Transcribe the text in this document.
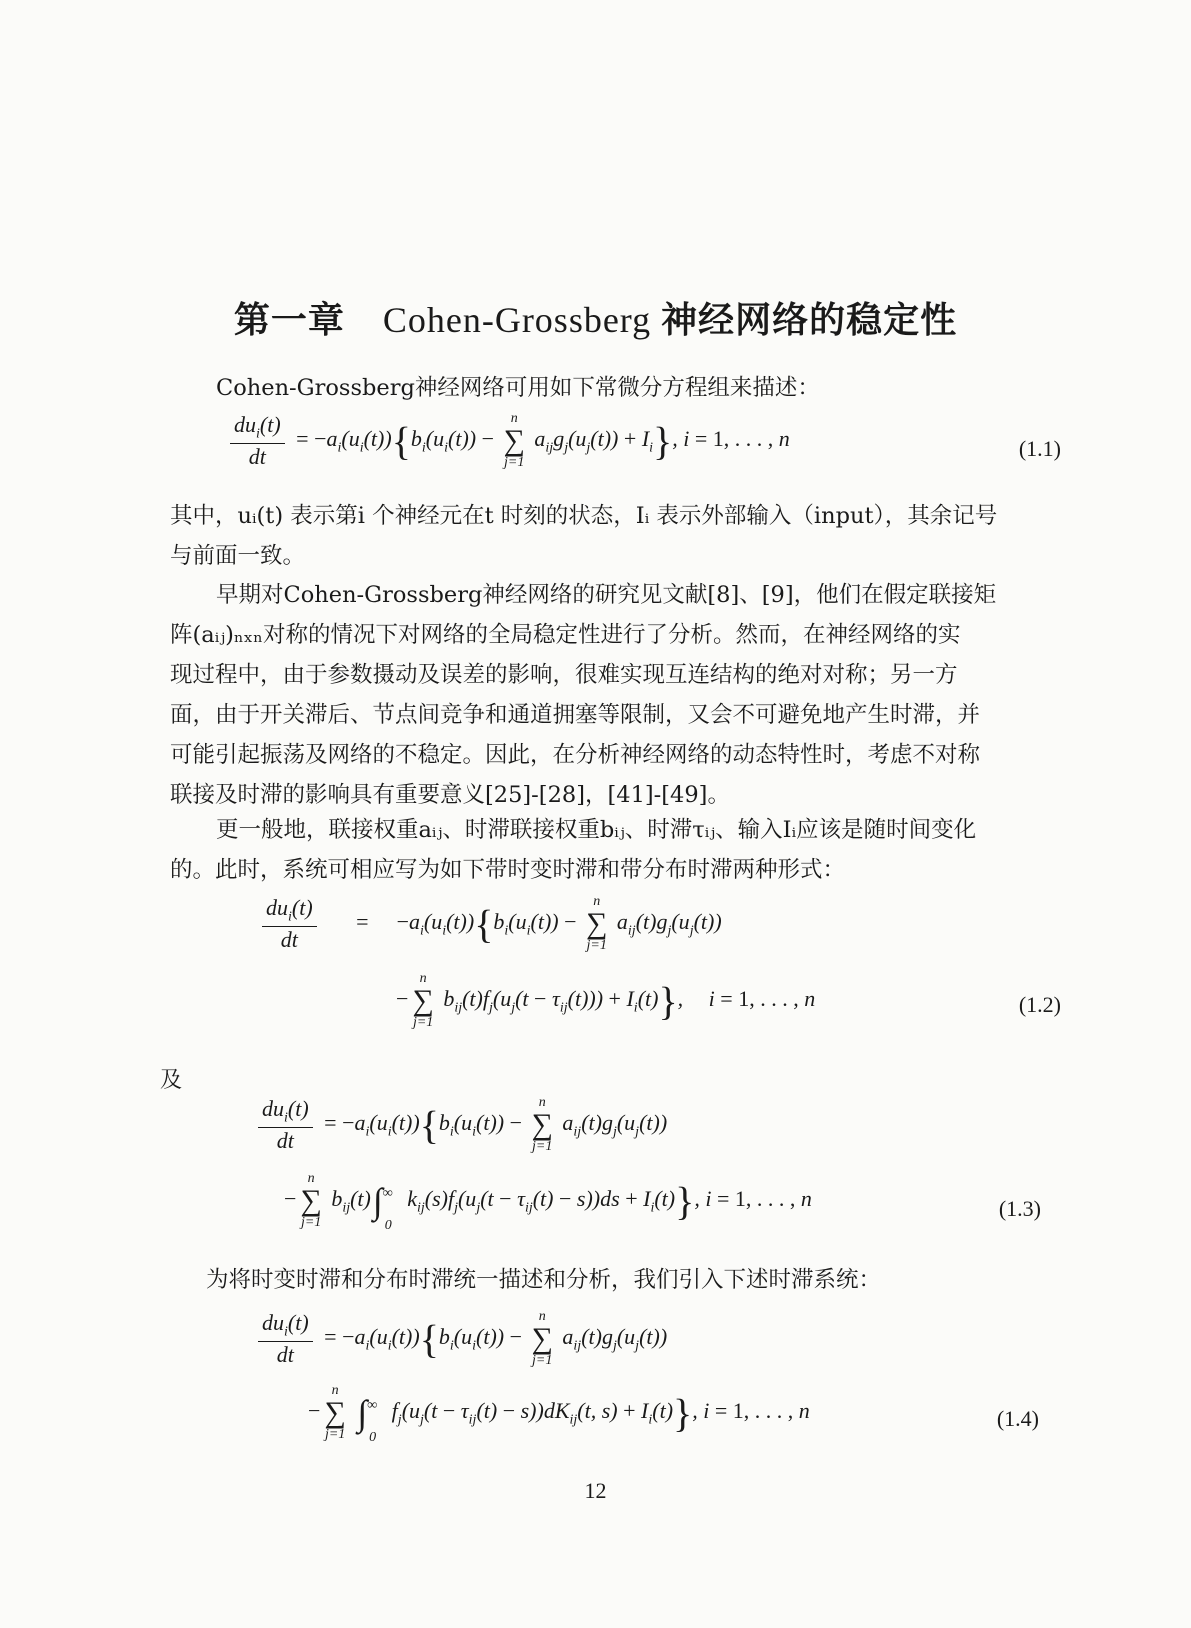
第一章 Cohen-Grossberg 神经网络的稳定性
Cohen-Grossberg神经网络可用如下常微分方程组来描述：
$\frac{du_i(t)}{dt} = -a_i(u_i(t))\{b_i(u_i(t))$ −
n
∑
j=1
$a_{ij}g_j(u_j(t)) + I_i$}, i = 1, . . . , n	(1.1)
其中，uᵢ(t) 表示第i 个神经元在t 时刻的状态，Iᵢ 表示外部输入（input），其余记号
与前面一致。
早期对Cohen-Grossberg神经网络的研究见文献[8]、[9]，他们在假定联接矩
阵(aᵢⱼ)ₙₓₙ对称的情况下对网络的全局稳定性进行了分析。然而，在神经网络的实
现过程中，由于参数摄动及误差的影响，很难实现互连结构的绝对对称；另一方
面，由于开关滞后、节点间竞争和通道拥塞等限制，又会不可避免地产生时滞，并
可能引起振荡及网络的不稳定。因此，在分析神经网络的动态特性时，考虑不对称
联接及时滞的影响具有重要意义[25]-[28]，[41]-[49]。
更一般地，联接权重aᵢⱼ、时滞联接权重bᵢⱼ、时滞τᵢⱼ、输入Iᵢ应该是随时间变化
的。此时，系统可相应写为如下带时变时滞和带分布时滞两种形式：
$\frac{du_i(t)}{dt} = -a_i(u_i(t))\{b_i(u_i(t))$ −
n
∑
j=1
$a_{ij}(t)g_j(u_j(t))$
−
n
∑
j=1
$b_{ij}(t)f_j(u_j(t - \tau_{ij}(t))) + I_i(t)$}, i = 1, . . . , n	(1.2)
及
$\frac{du_i(t)}{dt} = -a_i(u_i(t))\{b_i(u_i(t))$ −
n
∑
j=1
$a_{ij}(t)g_j(u_j(t))$
−
n
∑
j=1
$b_{ij}(t)\int^\infty_0$ $k_{ij}(s)f_j(u_j(t - \tau_{ij}(t) - s))ds + I_i(t)$}, i = 1, . . . , n	(1.3)
为将时变时滞和分布时滞统一描述和分析，我们引入下述时滞系统：
$\frac{du_i(t)}{dt} = -a_i(u_i(t))\{b_i(u_i(t))$ −
n
∑
j=1
$a_{ij}(t)g_j(u_j(t))$
−
n
∑
j=1
$\int^\infty_0$ $f_j(u_j(t - \tau_{ij}(t) - s))dK_{ij}(t$, $s) + I_i(t)$}, i = 1, . . . , n	(1.4)
12
